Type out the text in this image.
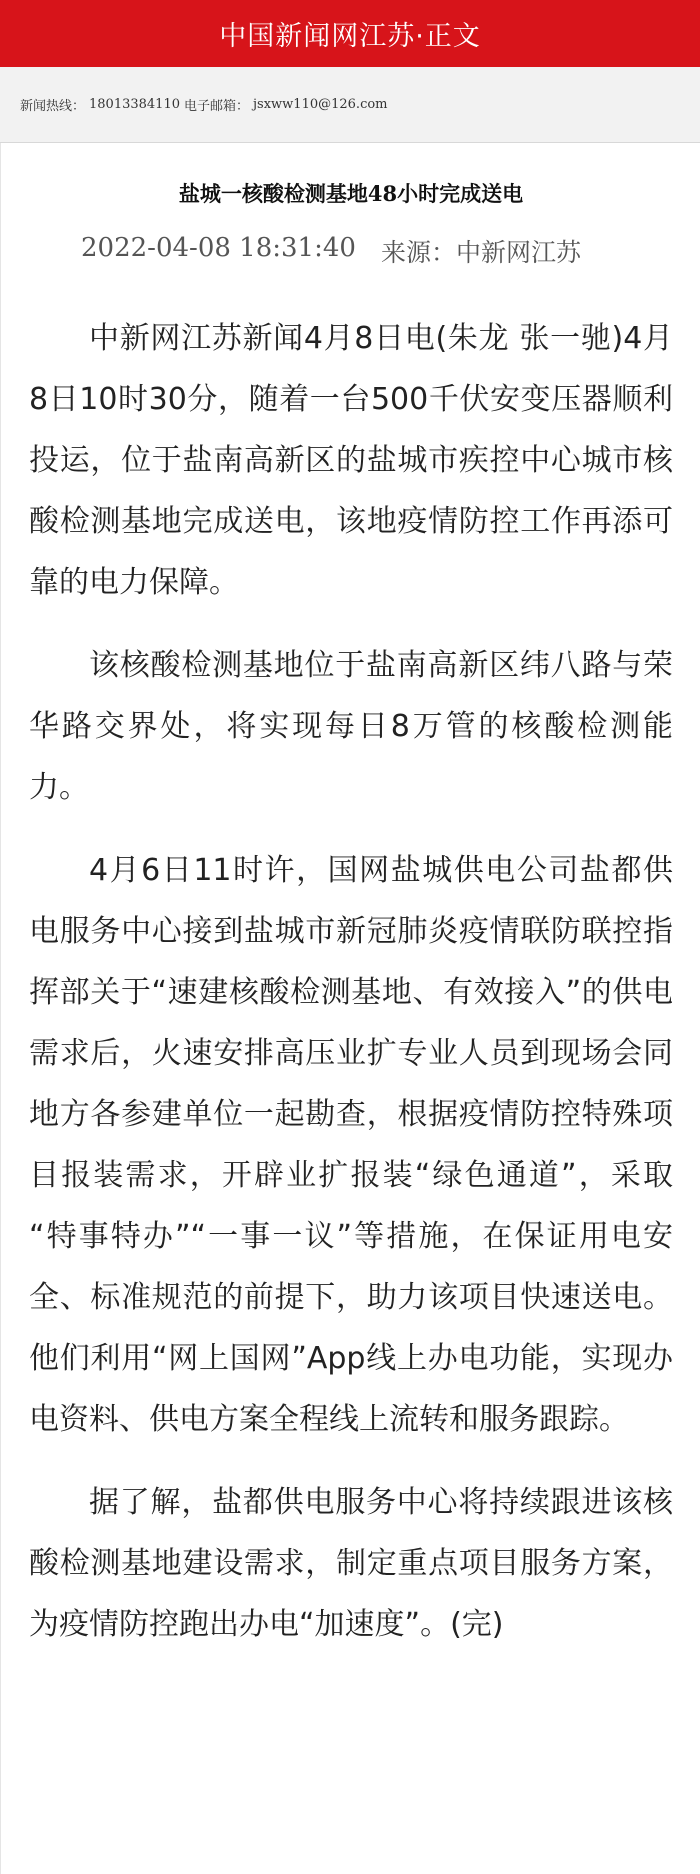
中国新闻网江苏·正文
新闻热线： 18013384110 电子邮箱： jsxww110@126.com
盐城一核酸检测基地48小时完成送电
2022-04-08 18:31:40 来源：中新网江苏

中新网江苏新闻4月8日电(朱龙 张一驰)4月8日10时30分，随着一台500千伏安变压器顺利投运，位于盐南高新区的盐城市疾控中心城市核酸检测基地完成送电，该地疫情防控工作再添可靠的电力保障。

该核酸检测基地位于盐南高新区纬八路与荣华路交界处，将实现每日8万管的核酸检测能力。

4月6日11时许，国网盐城供电公司盐都供电服务中心接到盐城市新冠肺炎疫情联防联控指挥部关于“速建核酸检测基地、有效接入”的供电需求后，火速安排高压业扩专业人员到现场会同地方各参建单位一起勘查，根据疫情防控特殊项目报装需求，开辟业扩报装“绿色通道”，采取 “特事特办”“一事一议”等措施，在保证用电安全、标准规范的前提下，助力该项目快速送电。他们利用“网上国网”App线上办电功能，实现办电资料、供电方案全程线上流转和服务跟踪。

据了解，盐都供电服务中心将持续跟进该核酸检测基地建设需求，制定重点项目服务方案，为疫情防控跑出办电“加速度”。(完)
